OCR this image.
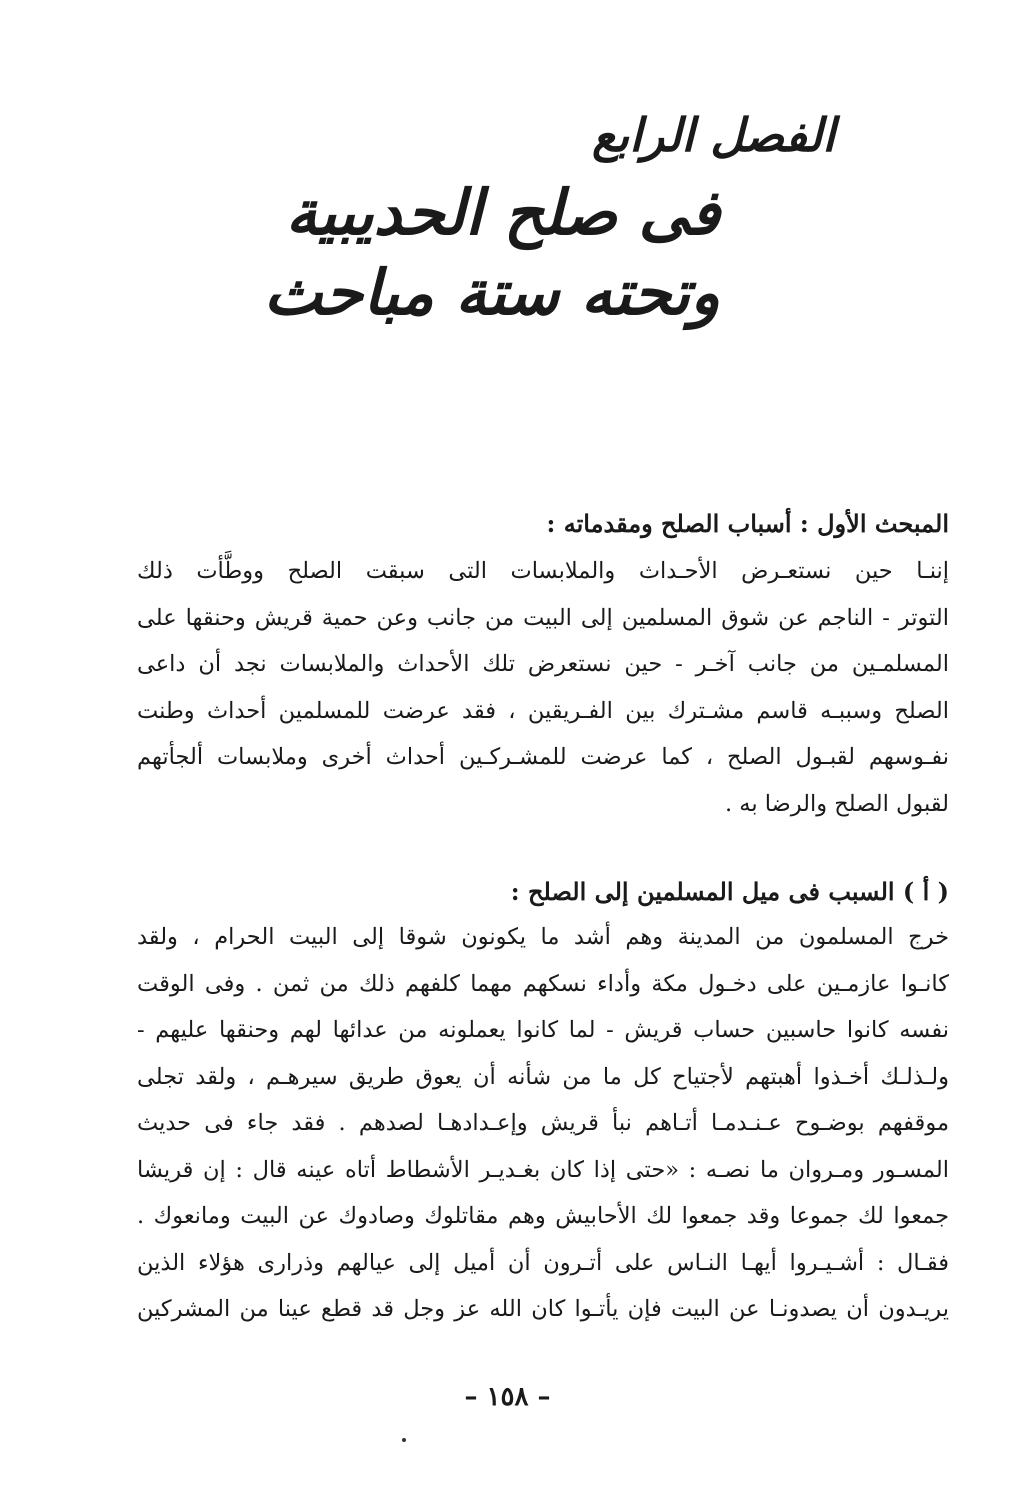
الفصل الرابع
فى صلح الحديبية
وتحته ستة مباحث
المبحث الأول : أسباب الصلح ومقدماته :
إننـا حين نستعـرض الأحـداث والملابسات التى سبقت الصلح ووطَّأت ذلك
التوتر - الناجم عن شوق المسلمين إلى البيت من جانب وعن حمية قريش وحنقها على
المسلمـين من جانب آخـر - حين نستعرض تلك الأحداث والملابسات نجد أن داعى
الصلح وسببـه قاسم مشـترك بين الفـريقين ، فقد عرضت للمسلمين أحداث وطنت
نفـوسهم لقبـول الصلح ، كما عرضت للمشـركـين أحداث أخرى وملابسات ألجأتهم
لقبول الصلح والرضا به .
( أ ) السبب فى ميل المسلمين إلى الصلح :
خرج المسلمون من المدينة وهم أشد ما يكونون شوقا إلى البيت الحرام ، ولقد
كانـوا عازمـين على دخـول مكة وأداء نسكهم مهما كلفهم ذلك من ثمن . وفى الوقت
نفسه كانوا حاسبين حساب قريش - لما كانوا يعملونه من عدائها لهم وحنقها عليهم -
ولـذلـك أخـذوا أهبتهم لأجتياح كل ما من شأنه أن يعوق طريق سيرهـم ، ولقد تجلى
موقفهم بوضـوح عـنـدمـا أتـاهم نبأ قريش وإعـدادهـا لصدهم . فقد جاء فى حديث
المسـور ومـروان ما نصـه : «حتى إذا كان بغـديـر الأشطاط أتاه عينه قال : إن قريشا
جمعوا لك جموعا وقد جمعوا لك الأحابيش وهم مقاتلوك وصادوك عن البيت ومانعوك .
فقـال : أشـيـروا أيهـا النـاس على أتـرون أن أميل إلى عيالهم وذرارى هؤلاء الذين
يريـدون أن يصدونـا عن البيت فإن يأتـوا كان الله عز وجل قد قطع عينا من المشركين
– ١٥٨ –
